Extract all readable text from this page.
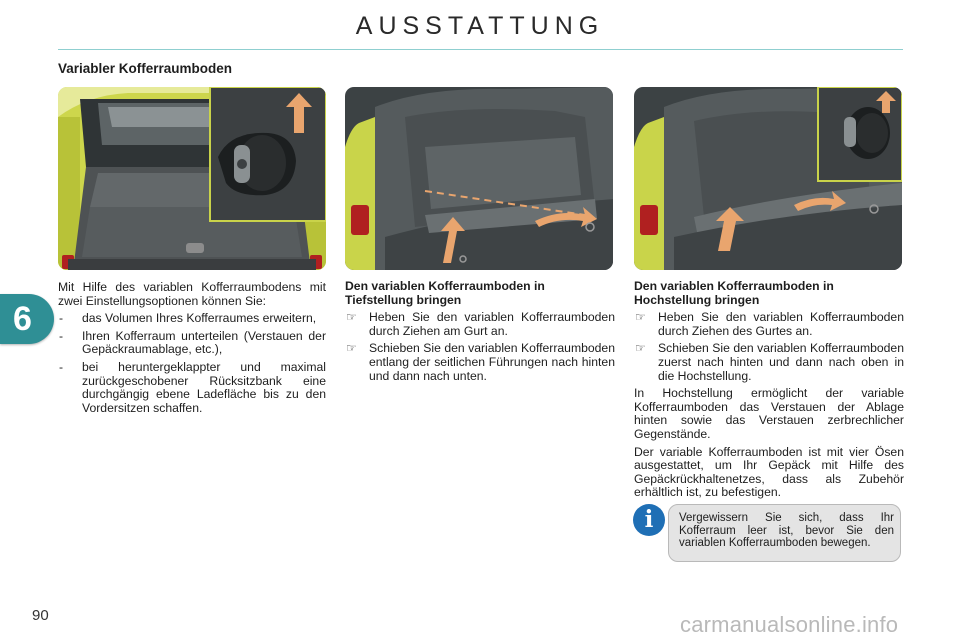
AUSSTATTUNG
Variabler Kofferraumboden
6
Mit Hilfe des variablen Kofferraumbodens mit zwei Einstellungsoptionen können Sie:
-	das Volumen Ihres Kofferraumes erweitern,
-	Ihren Kofferraum unterteilen (Verstauen der Gepäckraumablage, etc.),
-	bei heruntergeklappter und maximal zurückgeschobener Rücksitzbank eine durchgängig ebene Ladefläche bis zu den Vordersitzen schaffen.
Den variablen Kofferraumboden in Tiefstellung bringen
☞ Heben Sie den variablen Kofferraumboden durch Ziehen am Gurt an.
☞ Schieben Sie den variablen Kofferraumboden entlang der seitlichen Führungen nach hinten und dann nach unten.
Den variablen Kofferraumboden in Hochstellung bringen
☞ Heben Sie den variablen Kofferraumboden durch Ziehen des Gurtes an.
☞ Schieben Sie den variablen Kofferraumboden zuerst nach hinten und dann nach oben in die Hochstellung.
In Hochstellung ermöglicht der variable Kofferraumboden das Verstauen der Ablage hinten sowie das Verstauen zerbrechlicher Gegenstände.
Der variable Kofferraumboden ist mit vier Ösen ausgestattet, um Ihr Gepäck mit Hilfe des Gepäckrückhaltenetzes, dass als Zubehör erhältlich ist, zu befestigen.
i	Vergewissern Sie sich, dass Ihr Kofferraum leer ist, bevor Sie den variablen Kofferraumboden bewegen.
90	carmanualsonline.info
